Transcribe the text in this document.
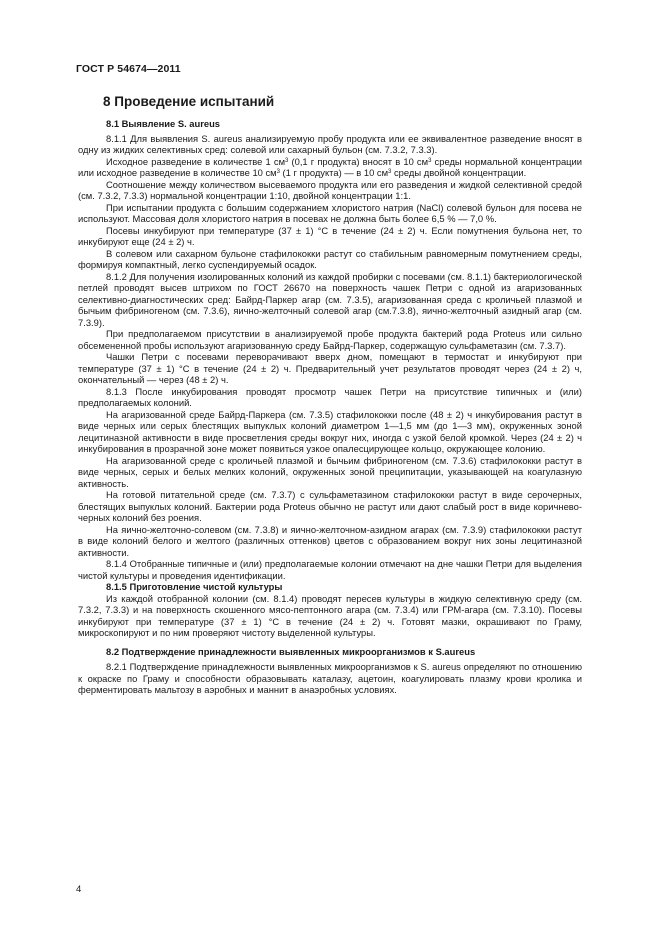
ГОСТ Р 54674—2011
8 Проведение испытаний
8.1 Выявление S. aureus

8.1.1 Для выявления S. aureus анализируемую пробу продукта или ее эквивалентное разведение вносят в одну из жидких селективных сред: солевой или сахарный бульон (см. 7.3.2, 7.3.3).

Исходное разведение в количестве 1 $см^3$ (0,1 г продукта) вносят в 10 $см^3$ среды нормальной концентрации или исходное разведение в количестве 10 $см^3$ (1 г продукта) — в 10 $см^3$ среды двойной концентрации.

Соотношение между количеством высеваемого продукта или его разведения и жидкой селективной средой (см. 7.3.2, 7.3.3) нормальной концентрации 1:10, двойной концентрации 1:1.

При испытании продукта с большим содержанием хлористого натрия (NaCl) солевой бульон для посева не используют. Массовая доля хлористого натрия в посевах не должна быть более 6,5 % — 7,0 %.

Посевы инкубируют при температуре (37 ± 1) °С в течение (24 ± 2) ч. Если помутнения бульона нет, то инкубируют еще (24 ± 2) ч.

В солевом или сахарном бульоне стафилококки растут со стабильным равномерным помутнением среды, формируя компактный, легко суспендируемый осадок.

8.1.2 Для получения изолированных колоний из каждой пробирки с посевами (см. 8.1.1) бактериологической петлей проводят высев штрихом по ГОСТ 26670 на поверхность чашек Петри с одной из агаризованных селективно-диагностических сред: Байрд-Паркер агар (см. 7.3.5), агаризованная среда с кроличьей плазмой и бычьим фибриногеном (см. 7.3.6), яично-желточный солевой агар (см.7.3.8), яично-желточный азидный агар (см. 7.3.9).

При предполагаемом присутствии в анализируемой пробе продукта бактерий рода Proteus или сильно обсемененной пробы используют агаризованную среду Байрд-Паркер, содержащую сульфаметазин (см. 7.3.7).

Чашки Петри с посевами переворачивают вверх дном, помещают в термостат и инкубируют при температуре (37 ± 1) °С в течение (24 ± 2) ч. Предварительный учет результатов проводят через (24 ± 2) ч, окончательный — через (48 ± 2) ч.

8.1.3 После инкубирования проводят просмотр чашек Петри на присутствие типичных и (или) предполагаемых колоний.

На агаризованной среде Байрд-Паркера (см. 7.3.5) стафилококки после (48 ± 2) ч инкубирования растут в виде черных или серых блестящих выпуклых колоний диаметром 1—1,5 мм (до 1—3 мм), окруженных зоной лецитиназной активности в виде просветления среды вокруг них, иногда с узкой белой кромкой. Через (24 ± 2) ч инкубирования в прозрачной зоне может появиться узкое опалесцирующее кольцо, окружающее колонию.

На агаризованной среде с кроличьей плазмой и бычьим фибриногеном (см. 7.3.6) стафилококки растут в виде черных, серых и белых мелких колоний, окруженных зоной преципитации, указывающей на коагулазную активность.

На готовой питательной среде (см. 7.3.7) с сульфаметазином стафилококки растут в виде серочерных, блестящих выпуклых колоний. Бактерии рода Proteus обычно не растут или дают слабый рост в виде коричнево-черных колоний без роения.

На яично-желточно-солевом (см. 7.3.8) и яично-желточном-азидном агарах (см. 7.3.9) стафилококки растут в виде колоний белого и желтого (различных оттенков) цветов с образованием вокруг них зоны лецитиназной активности.

8.1.4 Отобранные типичные и (или) предполагаемые колонии отмечают на дне чашки Петри для выделения чистой культуры и проведения идентификации.

8.1.5 Приготовление чистой культуры

Из каждой отобранной колонии (см. 8.1.4) проводят пересев культуры в жидкую селективную среду (см. 7.3.2, 7.3.3) и на поверхность скошенного мясо-пептонного агара (см. 7.3.4) или ГРМ-агара (см. 7.3.10). Посевы инкубируют при температуре (37 ± 1) °С в течение (24 ± 2) ч. Готовят мазки, окрашивают по Граму, микроскопируют и по ним проверяют чистоту выделенной культуры.

8.2 Подтверждение принадлежности выявленных микроорганизмов к S.aureus

8.2.1 Подтверждение принадлежности выявленных микроорганизмов к S. aureus определяют по отношению к окраске по Граму и способности образовывать каталазу, ацетоин, коагулировать плазму крови кролика и ферментировать мальтозу в аэробных и маннит в анаэробных условиях.

4
